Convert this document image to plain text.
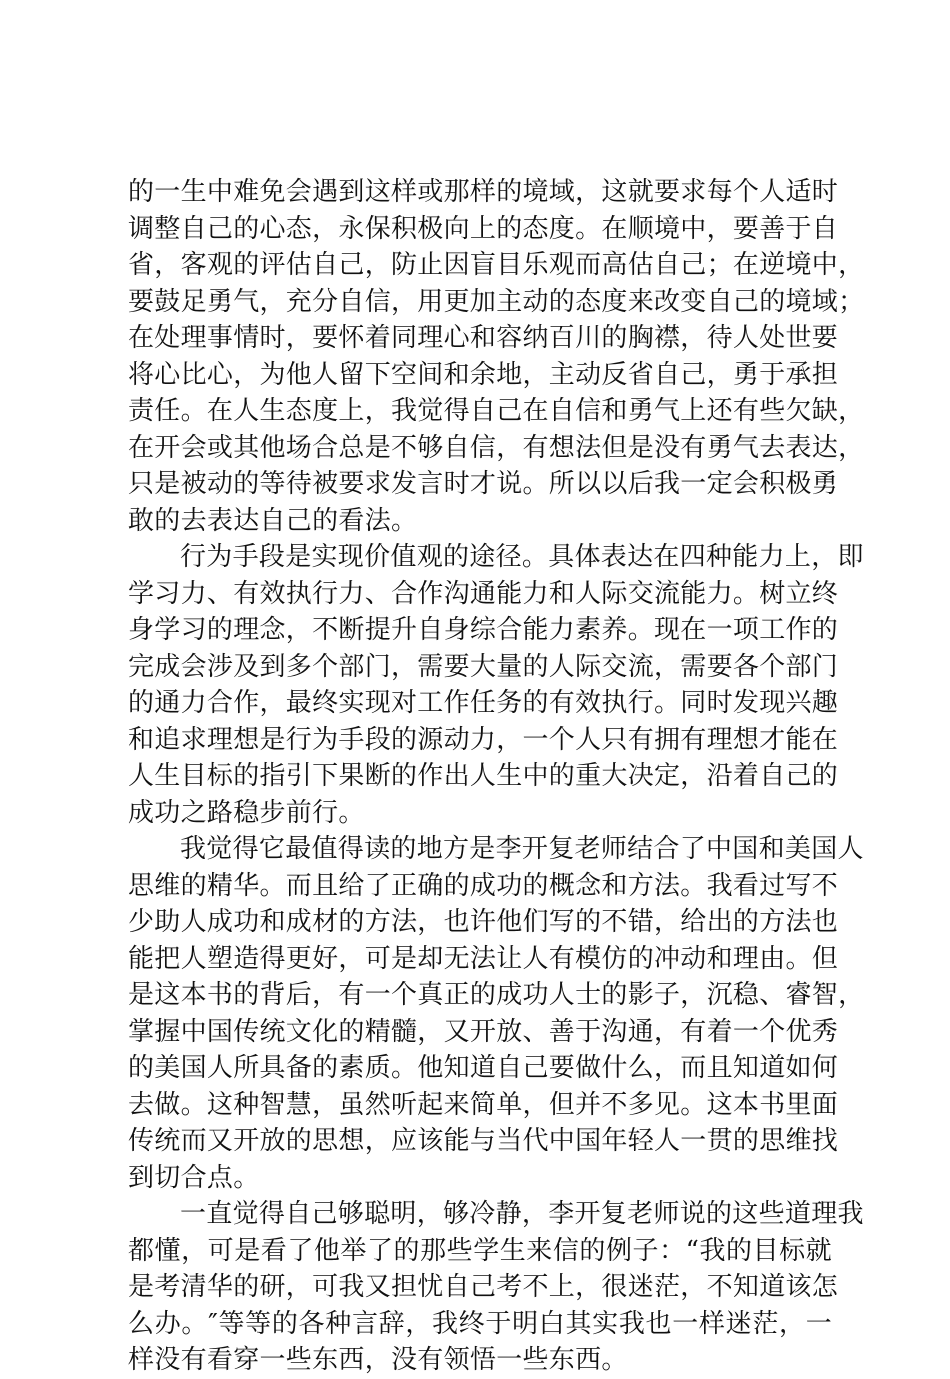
的一生中难免会遇到这样或那样的境域，这就要求每个人适时
调整自己的心态，永保积极向上的态度。在顺境中，要善于自
省，客观的评估自己，防止因盲目乐观而高估自己；在逆境中，
要鼓足勇气，充分自信，用更加主动的态度来改变自己的境域；
在处理事情时，要怀着同理心和容纳百川的胸襟，待人处世要
将心比心，为他人留下空间和余地，主动反省自己，勇于承担
责任。在人生态度上，我觉得自己在自信和勇气上还有些欠缺，
在开会或其他场合总是不够自信，有想法但是没有勇气去表达，
只是被动的等待被要求发言时才说。所以以后我一定会积极勇
敢的去表达自己的看法。
行为手段是实现价值观的途径。具体表达在四种能力上，即
学习力、有效执行力、合作沟通能力和人际交流能力。树立终
身学习的理念，不断提升自身综合能力素养。现在一项工作的
完成会涉及到多个部门，需要大量的人际交流，需要各个部门
的通力合作，最终实现对工作任务的有效执行。同时发现兴趣
和追求理想是行为手段的源动力，一个人只有拥有理想才能在
人生目标的指引下果断的作出人生中的重大决定，沿着自己的
成功之路稳步前行。
我觉得它最值得读的地方是李开复老师结合了中国和美国人
思维的精华。而且给了正确的成功的概念和方法。我看过写不
少助人成功和成材的方法，也许他们写的不错，给出的方法也
能把人塑造得更好，可是却无法让人有模仿的冲动和理由。但
是这本书的背后，有一个真正的成功人士的影子，沉稳、睿智，
掌握中国传统文化的精髓，又开放、善于沟通，有着一个优秀
的美国人所具备的素质。他知道自己要做什么，而且知道如何
去做。这种智慧，虽然听起来简单，但并不多见。这本书里面
传统而又开放的思想，应该能与当代中国年轻人一贯的思维找
到切合点。
一直觉得自己够聪明，够冷静，李开复老师说的这些道理我
都懂，可是看了他举了的那些学生来信的例子：“我的目标就
是考清华的研，可我又担忧自己考不上，很迷茫，不知道该怎
么办。″等等的各种言辞，我终于明白其实我也一样迷茫，一
样没有看穿一些东西，没有领悟一些东西。
